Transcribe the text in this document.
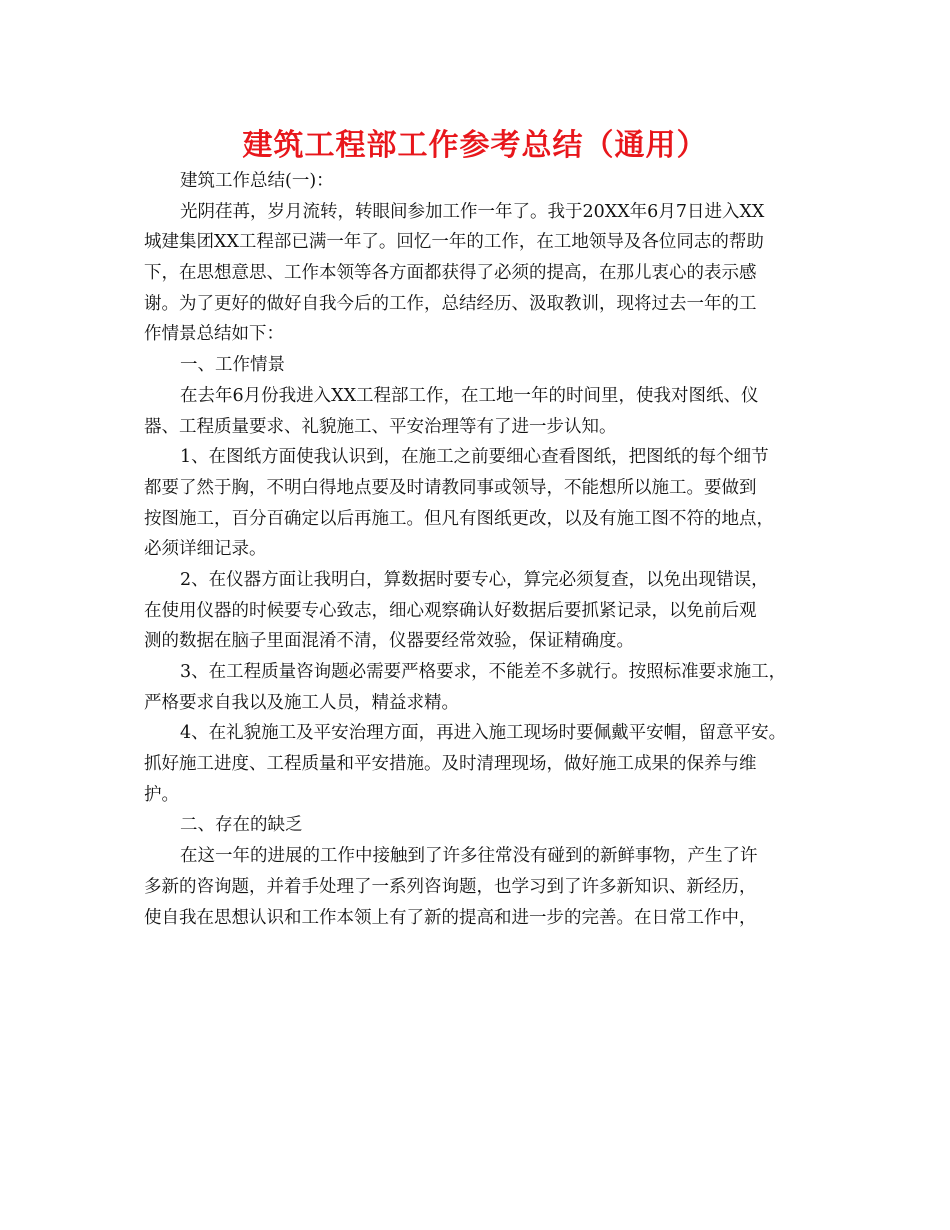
建筑工程部工作参考总结（通用）
建筑工作总结(一)：
光阴荏苒，岁月流转，转眼间参加工作一年了。我于20XX年6月7日进入XX
城建集团XX工程部已满一年了。回忆一年的工作，在工地领导及各位同志的帮助
下，在思想意思、工作本领等各方面都获得了必须的提高，在那儿衷心的表示感
谢。为了更好的做好自我今后的工作，总结经历、汲取教训，现将过去一年的工
作情景总结如下：
一、工作情景
在去年6月份我进入XX工程部工作，在工地一年的时间里，使我对图纸、仪
器、工程质量要求、礼貌施工、平安治理等有了进一步认知。
1、在图纸方面使我认识到，在施工之前要细心查看图纸，把图纸的每个细节
都要了然于胸，不明白得地点要及时请教同事或领导，不能想所以施工。要做到
按图施工，百分百确定以后再施工。但凡有图纸更改，以及有施工图不符的地点，
必须详细记录。
2、在仪器方面让我明白，算数据时要专心，算完必须复查，以免出现错误，
在使用仪器的时候要专心致志，细心观察确认好数据后要抓紧记录，以免前后观
测的数据在脑子里面混淆不清，仪器要经常效验，保证精确度。
3、在工程质量咨询题必需要严格要求，不能差不多就行。按照标准要求施工，
严格要求自我以及施工人员，精益求精。
4、在礼貌施工及平安治理方面，再进入施工现场时要佩戴平安帽，留意平安。
抓好施工进度、工程质量和平安措施。及时清理现场，做好施工成果的保养与维
护。
二、存在的缺乏
在这一年的进展的工作中接触到了许多往常没有碰到的新鲜事物，产生了许
多新的咨询题，并着手处理了一系列咨询题，也学习到了许多新知识、新经历，
使自我在思想认识和工作本领上有了新的提高和进一步的完善。在日常工作中，
